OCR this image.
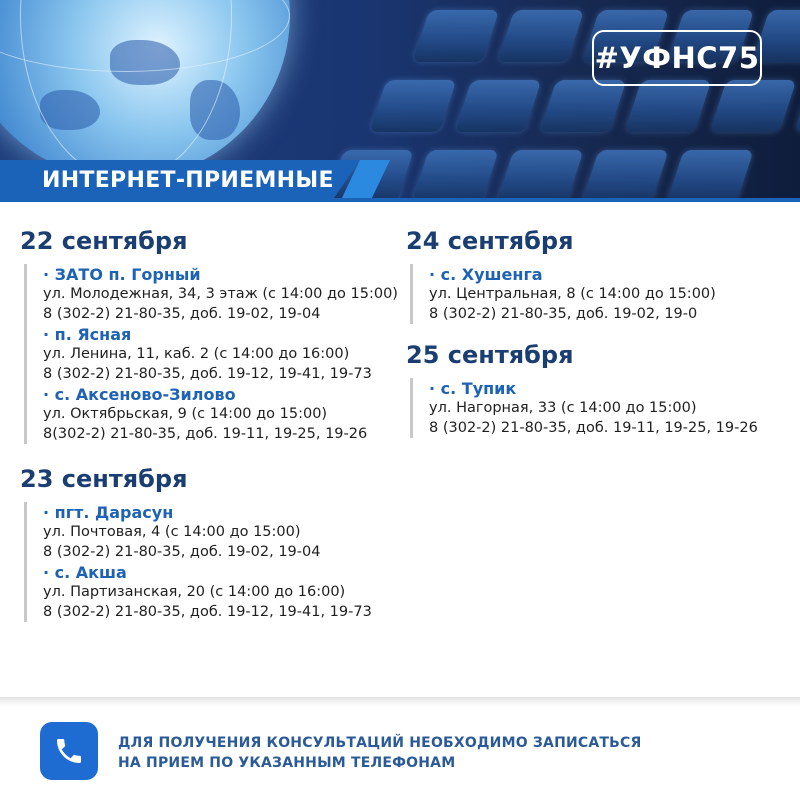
#УФНС75
ИНТЕРНЕТ-ПРИЕМНЫЕ
22 сентября
· ЗАТО п. Горный
ул. Молодежная, 34, 3 этаж (с 14:00 до 15:00)
8 (302-2) 21-80-35, доб. 19-02, 19-04
· п. Ясная
ул. Ленина, 11, каб. 2 (с 14:00 до 16:00)
8 (302-2) 21-80-35, доб. 19-12, 19-41, 19-73
· с. Аксеново-Зилово
ул. Октябрьская, 9 (с 14:00 до 15:00)
8(302-2) 21-80-35, доб. 19-11, 19-25, 19-26
23 сентября
· пгт. Дарасун
ул. Почтовая, 4 (с 14:00 до 15:00)
8 (302-2) 21-80-35, доб. 19-02, 19-04
· с. Акша
ул. Партизанская, 20 (с 14:00 до 16:00)
8 (302-2) 21-80-35, доб. 19-12, 19-41, 19-73
24 сентября
· с. Хушенга
ул. Центральная, 8 (с 14:00 до 15:00)
8 (302-2) 21-80-35, доб. 19-02, 19-0
25 сентября
· с. Тупик
ул. Нагорная, 33 (с 14:00 до 15:00)
8 (302-2) 21-80-35, доб. 19-11, 19-25, 19-26
ДЛЯ ПОЛУЧЕНИЯ КОНСУЛЬТАЦИЙ НЕОБХОДИМО ЗАПИСАТЬСЯ
НА ПРИЕМ ПО УКАЗАННЫМ ТЕЛЕФОНАМ
